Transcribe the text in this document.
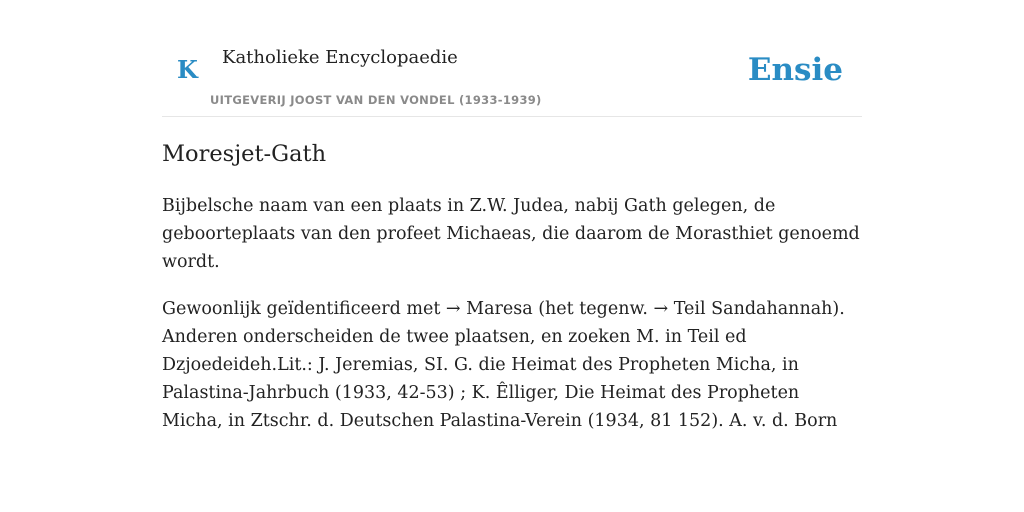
K Katholieke Encyclopaedie
UITGEVERIJ JOOST VAN DEN VONDEL (1933-1939)
Ensie
Moresjet-Gath

Bijbelsche naam van een plaats in Z.W. Judea, nabij Gath gelegen, de geboorteplaats van den profeet Michaeas, die daarom de Morasthiet genoemd wordt.

Gewoonlijk geïdentificeerd met → Maresa (het tegenw. → Teil Sandahannah). Anderen onderscheiden de twee plaatsen, en zoeken M. in Teil ed Dzjoedeideh.Lit.: J. Jeremias, SI. G. die Heimat des Propheten Micha, in Palastina-Jahrbuch (1933, 42-53) ; K. Êlliger, Die Heimat des Propheten Micha, in Ztschr. d. Deutschen Palastina-Verein (1934, 81 152). A. v. d. Born
